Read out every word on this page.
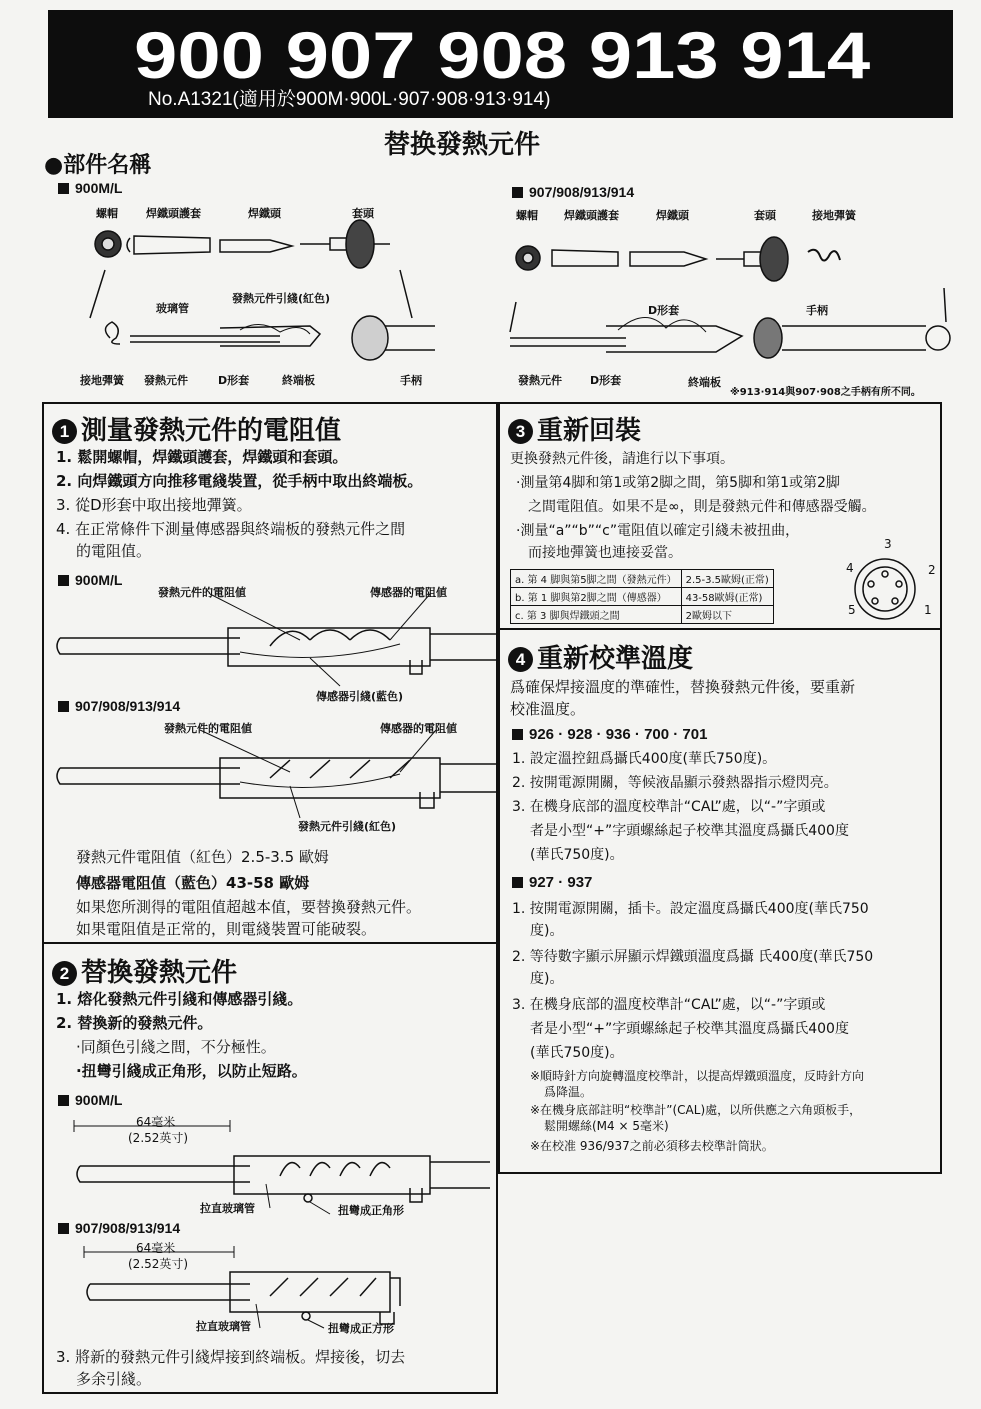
900 907 908 913 914
No.A1321(適用於900M·900L·907·908·913·914)
替换發熱元件
●部件名稱
900M/L	907/908/913/914
螺帽	焊鐵頭護套	焊鐵頭	套頭
玻璃管
發熱元件引綫(紅色)
接地彈簧 發熱元件	D形套	終端板	手柄
螺帽 焊鐵頭護套	焊鐵頭	套頭	接地彈簧
D形套	手柄
發熱元件	D形套	終端板
※913·914與907·908之手柄有所不同。
1 測量發熱元件的電阻值
1. 鬆開螺帽，焊鐵頭護套，焊鐵頭和套頭。
2. 向焊鐵頭方向推移電綫裝置，從手柄中取出終端板。
3. 從D形套中取出接地彈簧。
4. 在正常條件下測量傳感器與終端板的發熱元件之間
的電阻值。
900M/L
發熱元件的電阻値	傳感器的電阻値
傳感器引綫(藍色)
907/908/913/914
發熱元件的電阻値	傳感器的電阻値
發熱元件引綫(紅色)
發熱元件電阻值（紅色）2.5-3.5 歐姆
傳感器電阻值（藍色）43-58 歐姆
如果您所測得的電阻值超越本值，要替換發熱元件。
如果電阻值是正常的，則電綫裝置可能破裂。
2 替換發熱元件
1. 熔化發熱元件引綫和傳感器引綫。
2. 替換新的發熱元件。
·同顏色引綫之間，不分極性。
·扭彎引綫成正角形，以防止短路。
900M/L
64毫米
(2.52英寸)
拉直玻璃管	扭彎成正角形
907/908/913/914
64毫米
(2.52英寸)
拉直玻璃管	扭彎成正方形
3. 將新的發熱元件引綫焊接到終端板。焊接後，切去
多余引綫。
3 重新回裝
更換發熱元件後，請進行以下事項。
·測量第4脚和第1或第2脚之間，第5脚和第1或第2脚
之間電阻值。如果不是∞，則是發熱元件和傳感器受觸。
·測量“a”“b”“c”電阻值以確定引綫未被扭曲，
而接地彈簧也連接妥當。
a. 第 4 脚與第5脚之間（發熱元件）	2.5-3.5歐姆(正常)
b. 第 1 脚與第2脚之間（傳感器）	43-58歐姆(正常)
c. 第 3 脚與焊鐵頭之間	2歐姆以下	1
2
3
4
5
4 重新校準溫度
爲確保焊接溫度的準確性，替換發熱元件後，要重新
校准溫度。
926 · 928 · 936 · 700 · 701
1. 設定溫控鈕爲攝氏400度(華氏750度)。
2. 按開電源開關，等候液晶顯示發熱器指示燈閃亮。
3. 在機身底部的溫度校準計“CAL”處，以“-”字頭或
者是小型“+”字頭螺絲起子校準其溫度爲攝氏400度
(華氏750度)。
927 · 937
1. 按開電源開關，插卡。設定溫度爲攝氏400度(華氏750
度)。
2. 等待數字顯示屏顯示焊鐵頭溫度爲攝 氏400度(華氏750
度)。
3. 在機身底部的溫度校準計“CAL”處，以“-”字頭或
者是小型“+”字頭螺絲起子校準其溫度爲攝氏400度
(華氏750度)。
※順時針方向旋轉溫度校準計，以提高焊鐵頭溫度，反時針方向
爲降温。
※在機身底部註明“校準計”(CAL)處，以所供應之六角頭板手，
鬆開螺絲(M4 × 5毫米)
※在校准 936/937之前必須移去校準計筒狀。
